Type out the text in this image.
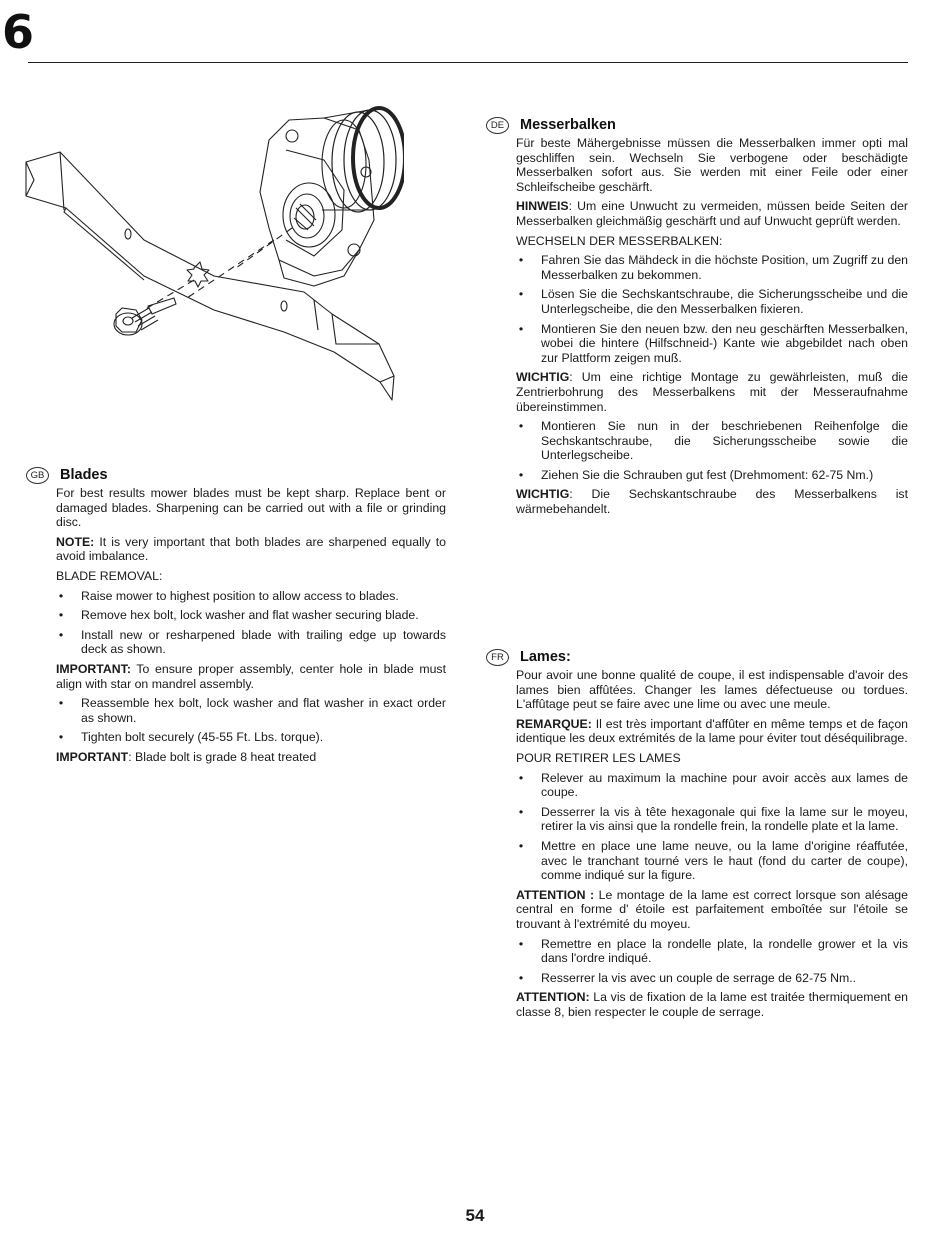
6
GB	Blades

For best results mower blades must be kept sharp. Replace bent or damaged blades. Sharpening can be carried out with a file or grinding disc.

NOTE: It is very important that both blades are sharpened equally to avoid imbalance.

BLADE REMOVAL:

• Raise mower to highest position to allow access to blades.
• Remove hex bolt, lock washer and flat washer securing blade.
• Install new or resharpened blade with trailing edge up towards deck as shown.

IMPORTANT: To ensure proper assembly, center hole in blade must align with star on mandrel assembly.

• Reassemble hex bolt, lock washer and flat washer in exact order as shown.
• Tighten bolt securely (45-55 Ft. Lbs. torque).

IMPORTANT: Blade bolt is grade 8 heat treated

DE	Messerbalken

Für beste Mähergebnisse müssen die Messerbalken immer opti mal geschliffen sein. Wechseln Sie verbogene oder beschädigte Messerbalken sofort aus. Sie werden mit einer Feile oder einer Schleifscheibe geschärft.

HINWEIS: Um eine Unwucht zu vermeiden, müssen beide Seiten der Messerbalken gleichmäßig geschärft und auf Unwucht geprüft werden.

WECHSELN DER MESSERBALKEN:

• Fahren Sie das Mähdeck in die höchste Position, um Zugriff zu den Messerbalken zu bekommen.
• Lösen Sie die Sechskantschraube, die Sicherungsscheibe und die Unterlegscheibe, die den Messerbalken fixieren.
• Montieren Sie den neuen bzw. den neu geschärften Messerbalken, wobei die hintere (Hilfschneid-) Kante wie abgebildet nach oben zur Plattform zeigen muß.

WICHTIG: Um eine richtige Montage zu gewährleisten, muß die Zentrierbohrung des Messerbalkens mit der Messeraufnahme übereinstimmen.

• Montieren Sie nun in der beschriebenen Reihenfolge die Sechskantschraube, die Sicherungsscheibe sowie die Unterlegscheibe.
• Ziehen Sie die Schrauben gut fest (Drehmoment: 62-75 Nm.)

WICHTIG: Die Sechskantschraube des Messerbalkens ist wärmebehandelt.

FR	Lames:

Pour avoir une bonne qualité de coupe, il est indispensable d'avoir des lames bien affûtées. Changer les lames défectueuse ou tordues. L'affûtage peut se faire avec une lime ou avec une meule.

REMARQUE: Il est très important d'affûter en même temps et de façon identique les deux extrémités de la lame pour éviter tout déséquilibrage.

POUR RETIRER LES LAMES

• Relever au maximum la machine pour avoir accès aux lames de coupe.
• Desserrer la vis à tête hexagonale qui fixe la lame sur le moyeu, retirer la vis ainsi que la rondelle frein, la rondelle plate et la lame.
• Mettre en place une lame neuve, ou la lame d'origine réaffutée, avec le tranchant tourné vers le haut (fond du carter de coupe), comme indiqué sur la figure.

ATTENTION : Le montage de la lame est correct lorsque son alésage central en forme d' étoile est parfaitement emboîtée sur l'étoile se trouvant à l'extrémité du moyeu.

• Remettre en place la rondelle plate, la rondelle grower et la vis dans l'ordre indiqué.
• Resserrer la vis avec un couple de serrage de 62-75 Nm..

ATTENTION: La vis de fixation de la lame est traitée thermiquement en classe 8, bien respecter le couple de serrage.

54
